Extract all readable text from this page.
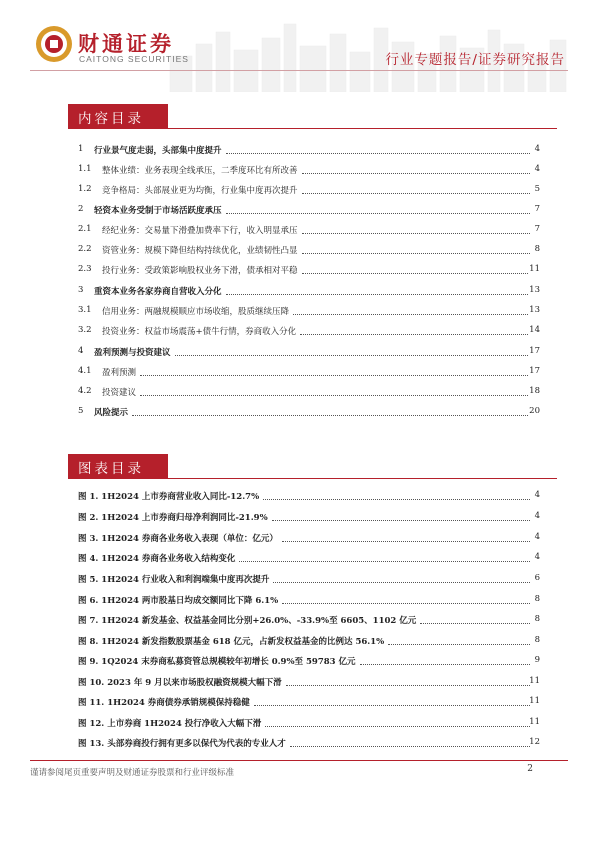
财通证券
CAITONG SECURITIES	行业专题报告/证券研究报告
内容目录
1 行业景气度走弱，头部集中度提升	4
1.1 整体业绩：业务表现全线承压，二季度环比有所改善	4
1.2 竞争格局：头部展业更为均衡，行业集中度再次提升	5
2 轻资本业务受制于市场活跃度承压	7
2.1 经纪业务：交易量下滑叠加费率下行，收入明显承压	7
2.2 资管业务：规模下降但结构持续优化，业绩韧性凸显	8
2.3 投行业务：受政策影响股权业务下滑，债承相对平稳	11
3 重资本业务各家券商自营收入分化	13
3.1 信用业务：两融规模顺应市场收缩，股质继续压降	13
3.2 投资业务：权益市场震荡+债牛行情，券商收入分化	14
4 盈利预测与投资建议	17
4.1 盈利预测	17
4.2 投资建议	18
5 风险提示	20
图表目录
图 1. 1H2024 上市券商营业收入同比-12.7%	4
图 2. 1H2024 上市券商归母净利润同比-21.9%	4
图 3. 1H2024 券商各业务收入表现（单位：亿元）	4
图 4. 1H2024 券商各业务收入结构变化	4
图 5. 1H2024 行业收入和利润端集中度再次提升	6
图 6. 1H2024 两市股基日均成交额同比下降 6.1%	8
图 7. 1H2024 新发基金、权益基金同比分别+26.0%、-33.9%至 6605、1102 亿元	8
图 8. 1H2024 新发指数股票基金 618 亿元，占新发权益基金的比例达 56.1%	8
图 9. 1Q2024 末券商私募资管总规模较年初增长 0.9%至 59783 亿元	9
图 10. 2023 年 9 月以来市场股权融资规模大幅下滑	11
图 11. 1H2024 券商债券承销规模保持稳健	11
图 12. 上市券商 1H2024 投行净收入大幅下滑	11
图 13. 头部券商投行拥有更多以保代为代表的专业人才	12
谨请参阅尾页重要声明及财通证券股票和行业评级标准	2
